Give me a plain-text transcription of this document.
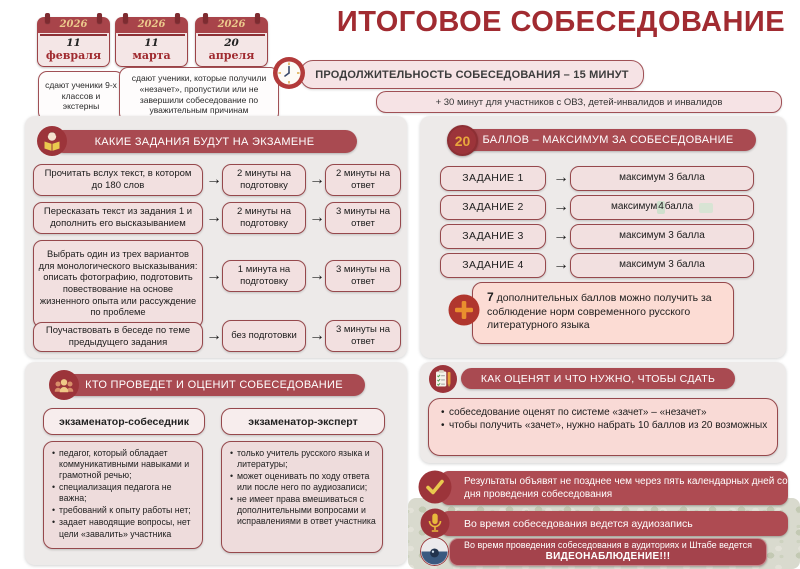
2026
11
февраля
2026
11
марта
2026
20
апреля
сдают ученики 9-х классов и экстерны
сдают ученики, которые получили «незачет», пропустили или не завершили собеседование по уважительным причинам
ИТОГОВОЕ СОБЕСЕДОВАНИЕ
ПРОДОЛЖИТЕЛЬНОСТЬ СОБЕСЕДОВАНИЯ – 15 МИНУТ
+ 30 минут для участников с ОВЗ, детей-инвалидов и инвалидов
КАКИЕ ЗАДАНИЯ БУДУТ НА ЭКЗАМЕНЕ
Прочитать вслух текст, в котором до 180 слов	→	2 минуты на подготовку	→	2 минуты на ответ
Пересказать текст из задания 1 и дополнить его высказыванием	→	2 минуты на подготовку	→	3 минуты на ответ
Выбрать один из трех вариантов для монологического высказывания: описать фотографию, подготовить повествование на основе жизненного опыта или рассуждение по проблеме
→	1 минута на подготовку	→	3 минуты на ответ
Поучаствовать в беседе по теме предыдущего задания	→ без подготовки →	3 минуты на ответ
20	БАЛЛОВ – МАКСИМУМ ЗА СОБЕСЕДОВАНИЕ
ЗАДАНИЕ 1	→	максимум 3 балла
ЗАДАНИЕ 2	→	максимум 4 балла
ЗАДАНИЕ 3	→	максимум 3 балла
ЗАДАНИЕ 4	→	максимум 3 балла
7 дополнительных баллов можно получить за соблюдение норм современного русского литературного языка
КТО ПРОВЕДЕТ И ОЦЕНИТ СОБЕСЕДОВАНИЕ
экзаменатор-собеседник	экзаменатор-эксперт
• педагог, который обладает коммуникативными навыками и грамотной речью;
• специализация педагога не важна;
• требований к опыту работы нет;
• задает наводящие вопросы, нет цели «завалить» участника
• только учитель русского языка и литературы;
• может оценивать по ходу ответа или после него по аудиозаписи;
• не имеет права вмешиваться с дополнительными вопросами и исправлениями в ответ участника
КАК ОЦЕНЯТ И ЧТО НУЖНО, ЧТОБЫ СДАТЬ
• собеседование оценят по системе «зачет» – «незачет»
• чтобы получить «зачет», нужно набрать 10 баллов из 20 возможных
Результаты объявят не позднее чем через пять календарных дней со дня проведения собеседования
Во время собеседования ведется аудиозапись
Во время проведения собеседования в аудиториях и Штабе ведется
ВИДЕОНАБЛЮДЕНИЕ!!!
